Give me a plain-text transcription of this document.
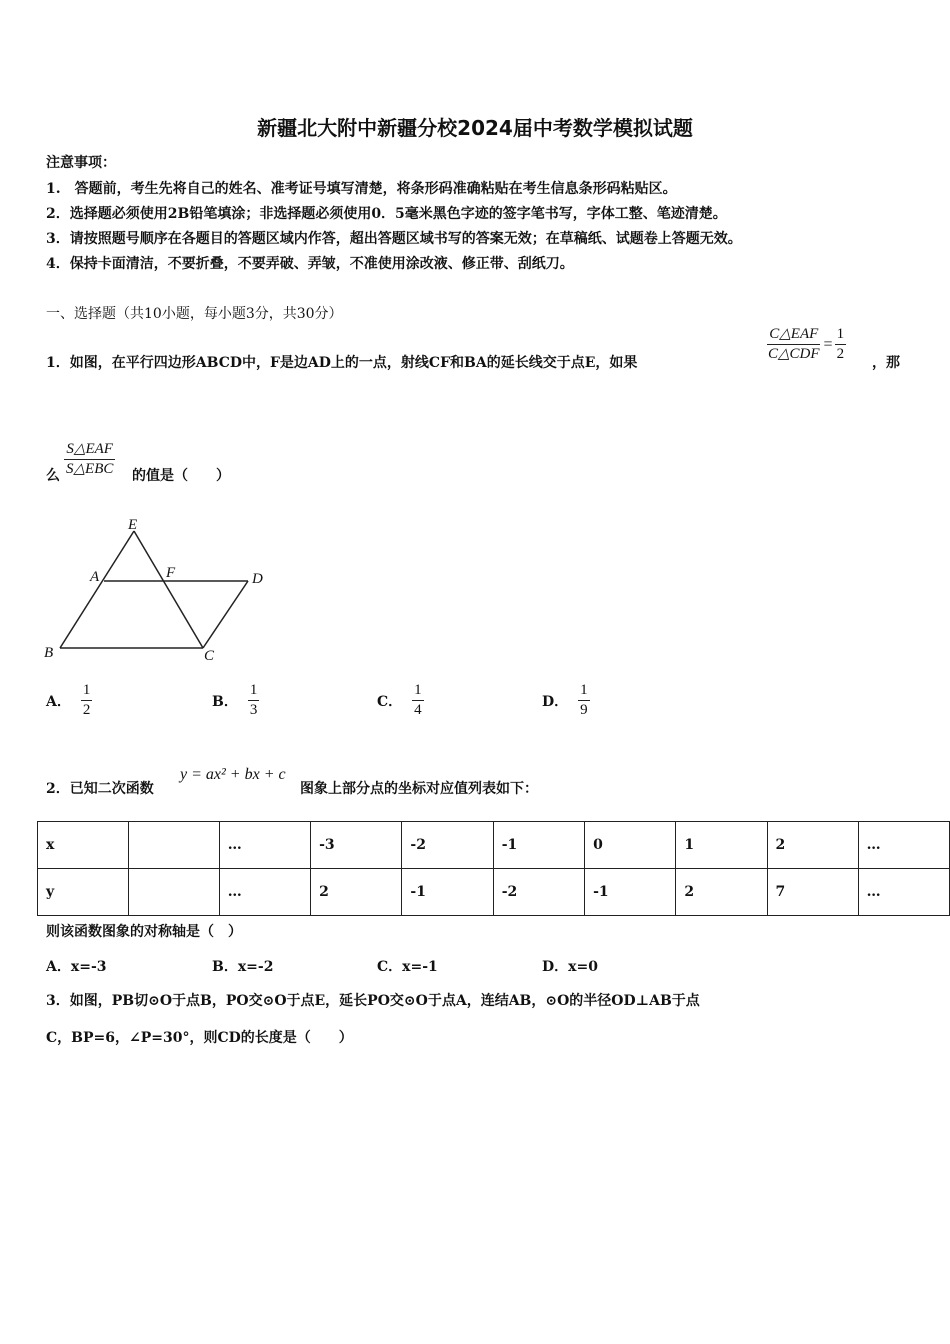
新疆北大附中新疆分校2024届中考数学模拟试题
注意事项：
1.　答题前，考生先将自己的姓名、准考证号填写清楚，将条形码准确粘贴在考生信息条形码粘贴区。
2．选择题必须使用2B铅笔填涂；非选择题必须使用0．5毫米黑色字迹的签字笔书写，字体工整、笔迹清楚。
3．请按照题号顺序在各题目的答题区域内作答，超出答题区域书写的答案无效；在草稿纸、试题卷上答题无效。
4．保持卡面清洁，不要折叠，不要弄破、弄皱，不准使用涂改液、修正带、刮纸刀。
一、选择题（共10小题，每小题3分，共30分）
1．如图，在平行四边形ABCD中，F是边AD上的一点，射线CF和BA的延长线交于点E，如果	$\frac{\text{C△EAF}}{\text{C△CDF}} = \frac{1}{2}$ ，那
么 $\frac{\text{S△EAF}}{\text{S△EBC}}$ 的值是（　　）
E
A	F	D
B	C
A． $\frac{1}{2}$	B． $\frac{1}{3}$	C． $\frac{1}{4}$	D． $\frac{1}{9}$
2．已知二次函数
y = ax² + bx + c
图象上部分点的坐标对应值列表如下：
x		…	-3	-2	-1	0	1	2	…
y		…	2	-1	-2	-1	2	7	…
则该函数图象的对称轴是（　）
A．x=-3	B．x=-2	C．x=-1	D．x=0
3．如图，PB切⊙O于点B，PO交⊙O于点E，延长PO交⊙O于点A，连结AB，⊙O的半径OD⊥AB于点
C，BP=6，∠P=30°，则CD的长度是（　　）
